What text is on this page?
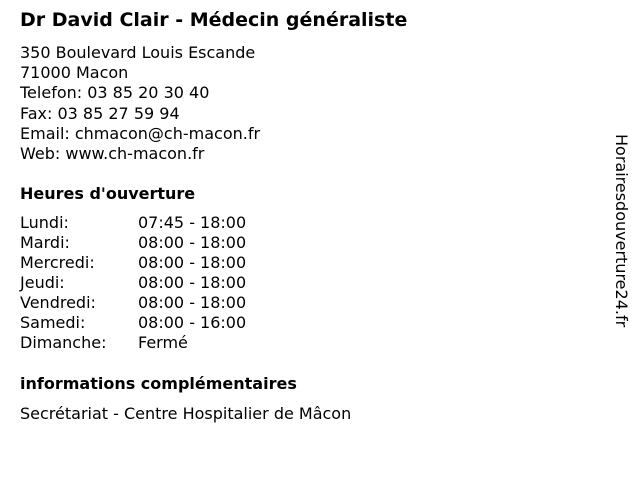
Dr David Clair - Médecin généraliste
350 Boulevard Louis Escande
71000 Macon
Telefon: 03 85 20 30 40
Fax: 03 85 27 59 94
Email: chmacon@ch-macon.fr
Web: www.ch-macon.fr
Heures d'ouverture
Lundi:	07:45 - 18:00
Mardi:	08:00 - 18:00
Mercredi:	08:00 - 18:00
Jeudi:	08:00 - 18:00
Vendredi:	08:00 - 18:00
Samedi:	08:00 - 16:00
Dimanche: Fermé
informations complémentaires
Secrétariat - Centre Hospitalier de Mâcon
Horairesdouverture24.fr
